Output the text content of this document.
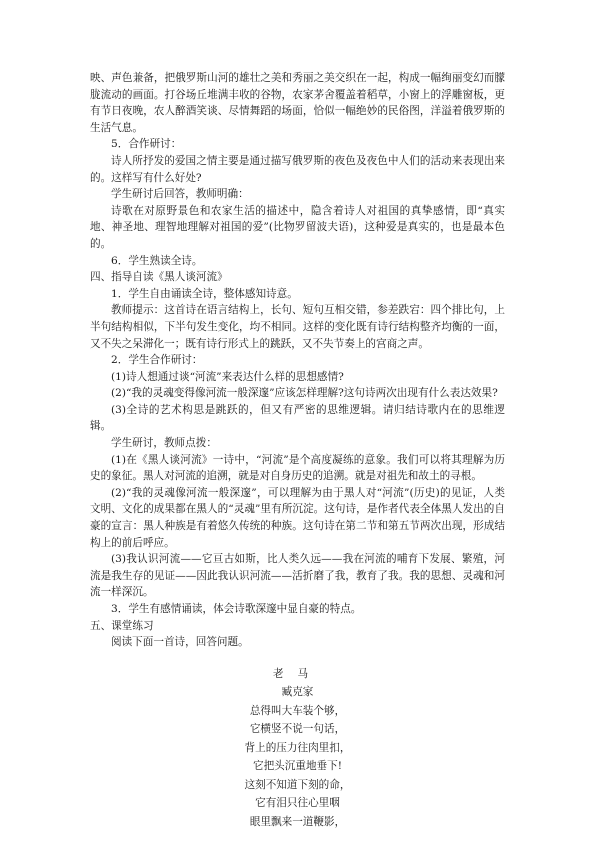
映、声色兼备，把俄罗斯山河的雄壮之美和秀丽之美交织在一起，构成一幅绚丽变幻而朦胧流动的画面。打谷场丘堆满丰收的谷物，农家茅舍覆盖着稻草，小窗上的浮雕窗板，更有节日夜晚，农人醉酒笑谈、尽情舞蹈的场面，恰似一幅绝妙的民俗图，洋溢着俄罗斯的生活气息。

5．合作研讨：

诗人所抒发的爱国之情主要是通过描写俄罗斯的夜色及夜色中人们的活动来表现出来的。这样写有什么好处?

学生研讨后回答，教师明确：

诗歌在对原野景色和农家生活的描述中，隐含着诗人对祖国的真挚感情，即“真实地、神圣地、理智地理解对祖国的爱”(比物罗留波夫语)，这种爱是真实的，也是最本色的。

6．学生熟读全诗。

四、指导自读《黑人谈河流》

1．学生自由诵读全诗，整体感知诗意。

教师提示：这首诗在语言结构上，长句、短句互相交错，参差跌宕：四个排比句，上半句结构相似，下半句发生变化，均不相同。这样的变化既有诗行结构整齐均衡的一面，又不失之呆滞化一；既有诗行形式上的跳跃，又不失节奏上的宫商之声。

2．学生合作研讨：

(1)诗人想通过谈“河流”来表达什么样的思想感情?

(2)“我的灵魂变得像河流一般深邃”应该怎样理解?这句诗两次出现有什么表达效果?

(3)全诗的艺术构思是跳跃的，但又有严密的思维逻辑。请归结诗歌内在的思维逻辑。

学生研讨，教师点拨：

(1)在《黑人谈河流》一诗中，“河流”是个高度凝练的意象。我们可以将其理解为历史的象征。黑人对河流的追溯，就是对自身历史的追溯。就是对祖先和故土的寻根。

(2)“我的灵魂像河流一般深邃”，可以理解为由于黑人对“河流”(历史)的见证，人类文明、文化的成果都在黑人的“灵魂”里有所沉淀。这句诗，是作者代表全体黑人发出的自豪的宣言：黑人种族是有着悠久传统的种族。这句诗在第二节和第五节两次出现，形成结构上的前后呼应。

(3)我认识河流——它亘古如斯，比人类久远——我在河流的哺育下发展、繁殖，河流是我生存的见证——因此我认识河流——活折磨了我，教育了我。我的思想、灵魂和河流一样深沉。

3．学生有感情诵读，体会诗歌深邃中显自豪的特点。

五、课堂练习

阅读下面一首诗，回答问题。

老马
臧克家
总得叫大车装个够，
它横竖不说一句话，
背上的压力往肉里扣，
它把头沉重地垂下!
这刻不知道下刻的命，
它有泪只往心里咽
眼里飘来一道鞭影，
